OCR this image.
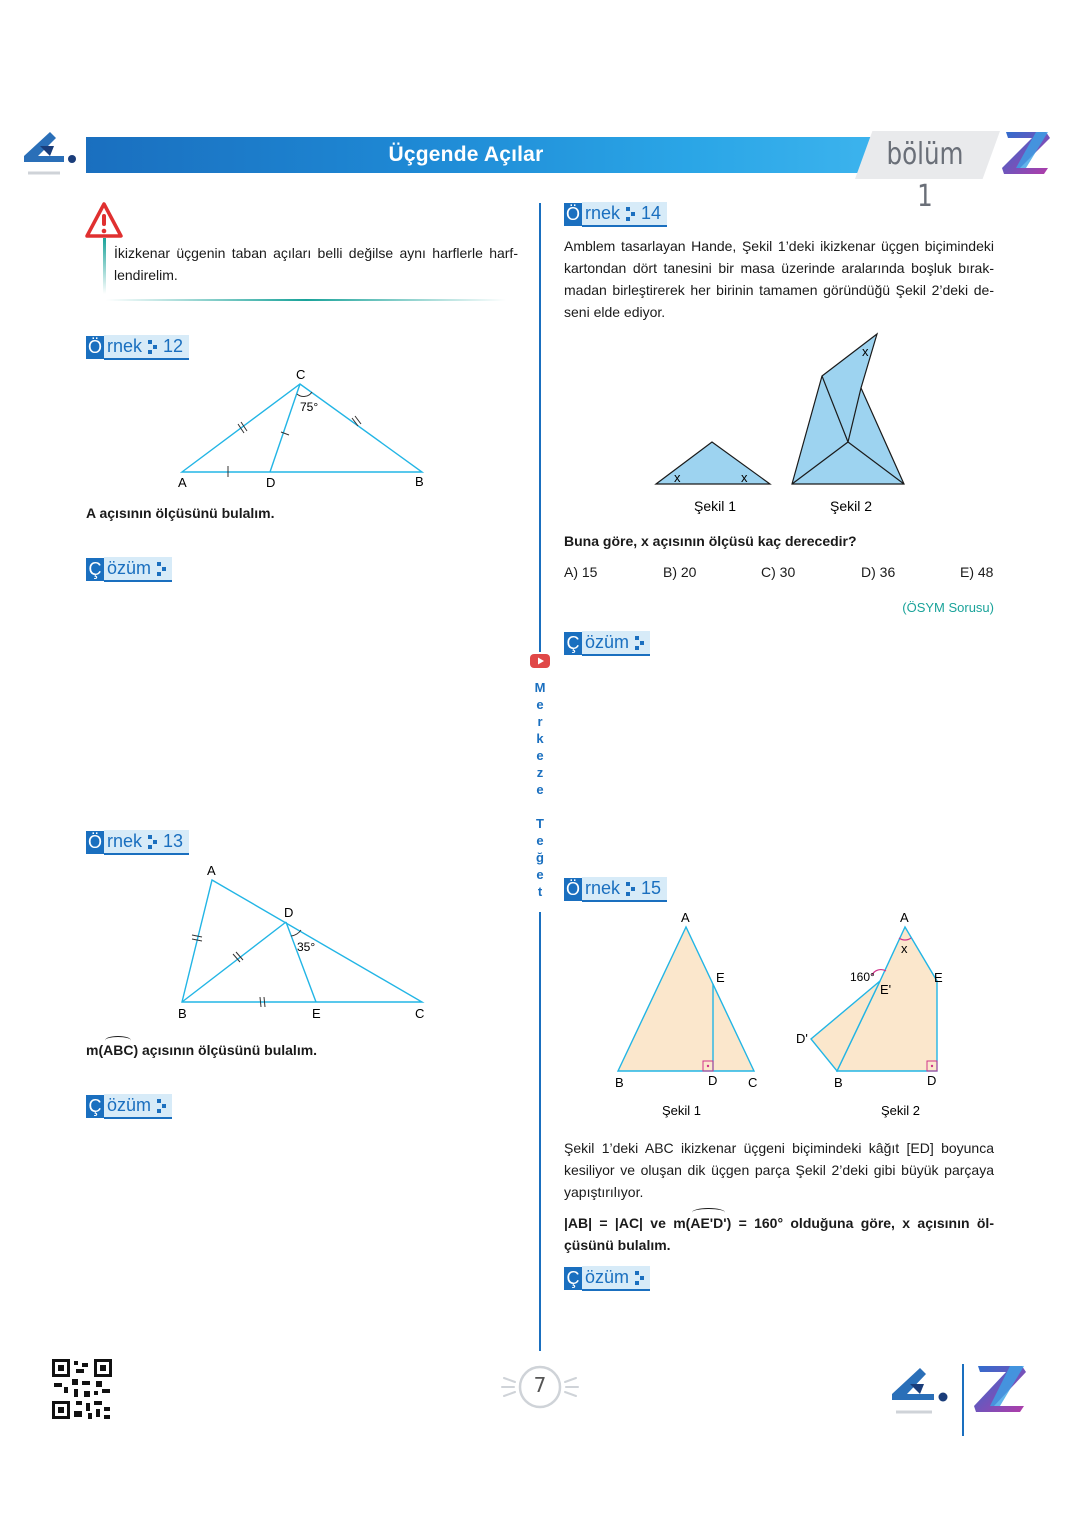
Üçgende Açılar	bölüm 1
İkizkenar üçgenin taban açıları belli değilse aynı harflerle harflendirelim.
Ö rnek 12
C
A	D	B
75°
A açısının ölçüsünü bulalım.
Ç özüm
Ö rnek 13
A
D
B	E	C
35°
m(
ABC) açısının ölçüsünü bulalım.
Ç özüm
M
e
r
k
e
z
e
T
e
ğ
e
t
Ö rnek 14
Amblem tasarlayan Hande, Şekil 1’deki ikizkenar üçgen biçimindeki kartondan dört tanesini bir masa üzerinde aralarında boşluk bırakmadan birleştirerek her birinin tamamen göründüğü Şekil 2’deki deseni elde ediyor.
x	x
x
Şekil 1	Şekil 2
Buna göre, x açısının ölçüsü kaç derecedir?
A) 15	B) 20	C) 30	D) 36	E) 48
(ÖSYM Sorusu)
Ç özüm
Ö rnek 15
A
E
B	D C
Şekil 1
A
x
160°
E'
E
D'
B	D
Şekil 2
Şekil 1’deki ABC ikizkenar üçgeni biçimindeki kâğıt [ED] boyunca kesiliyor ve oluşan dik üçgen parça Şekil 2’deki gibi büyük parçaya yapıştırılıyor.
|AB| = |AC| ve m(
AE'D') = 160° olduğuna göre, x açısının ölçüsünü bulalım.
Ç özüm
7
